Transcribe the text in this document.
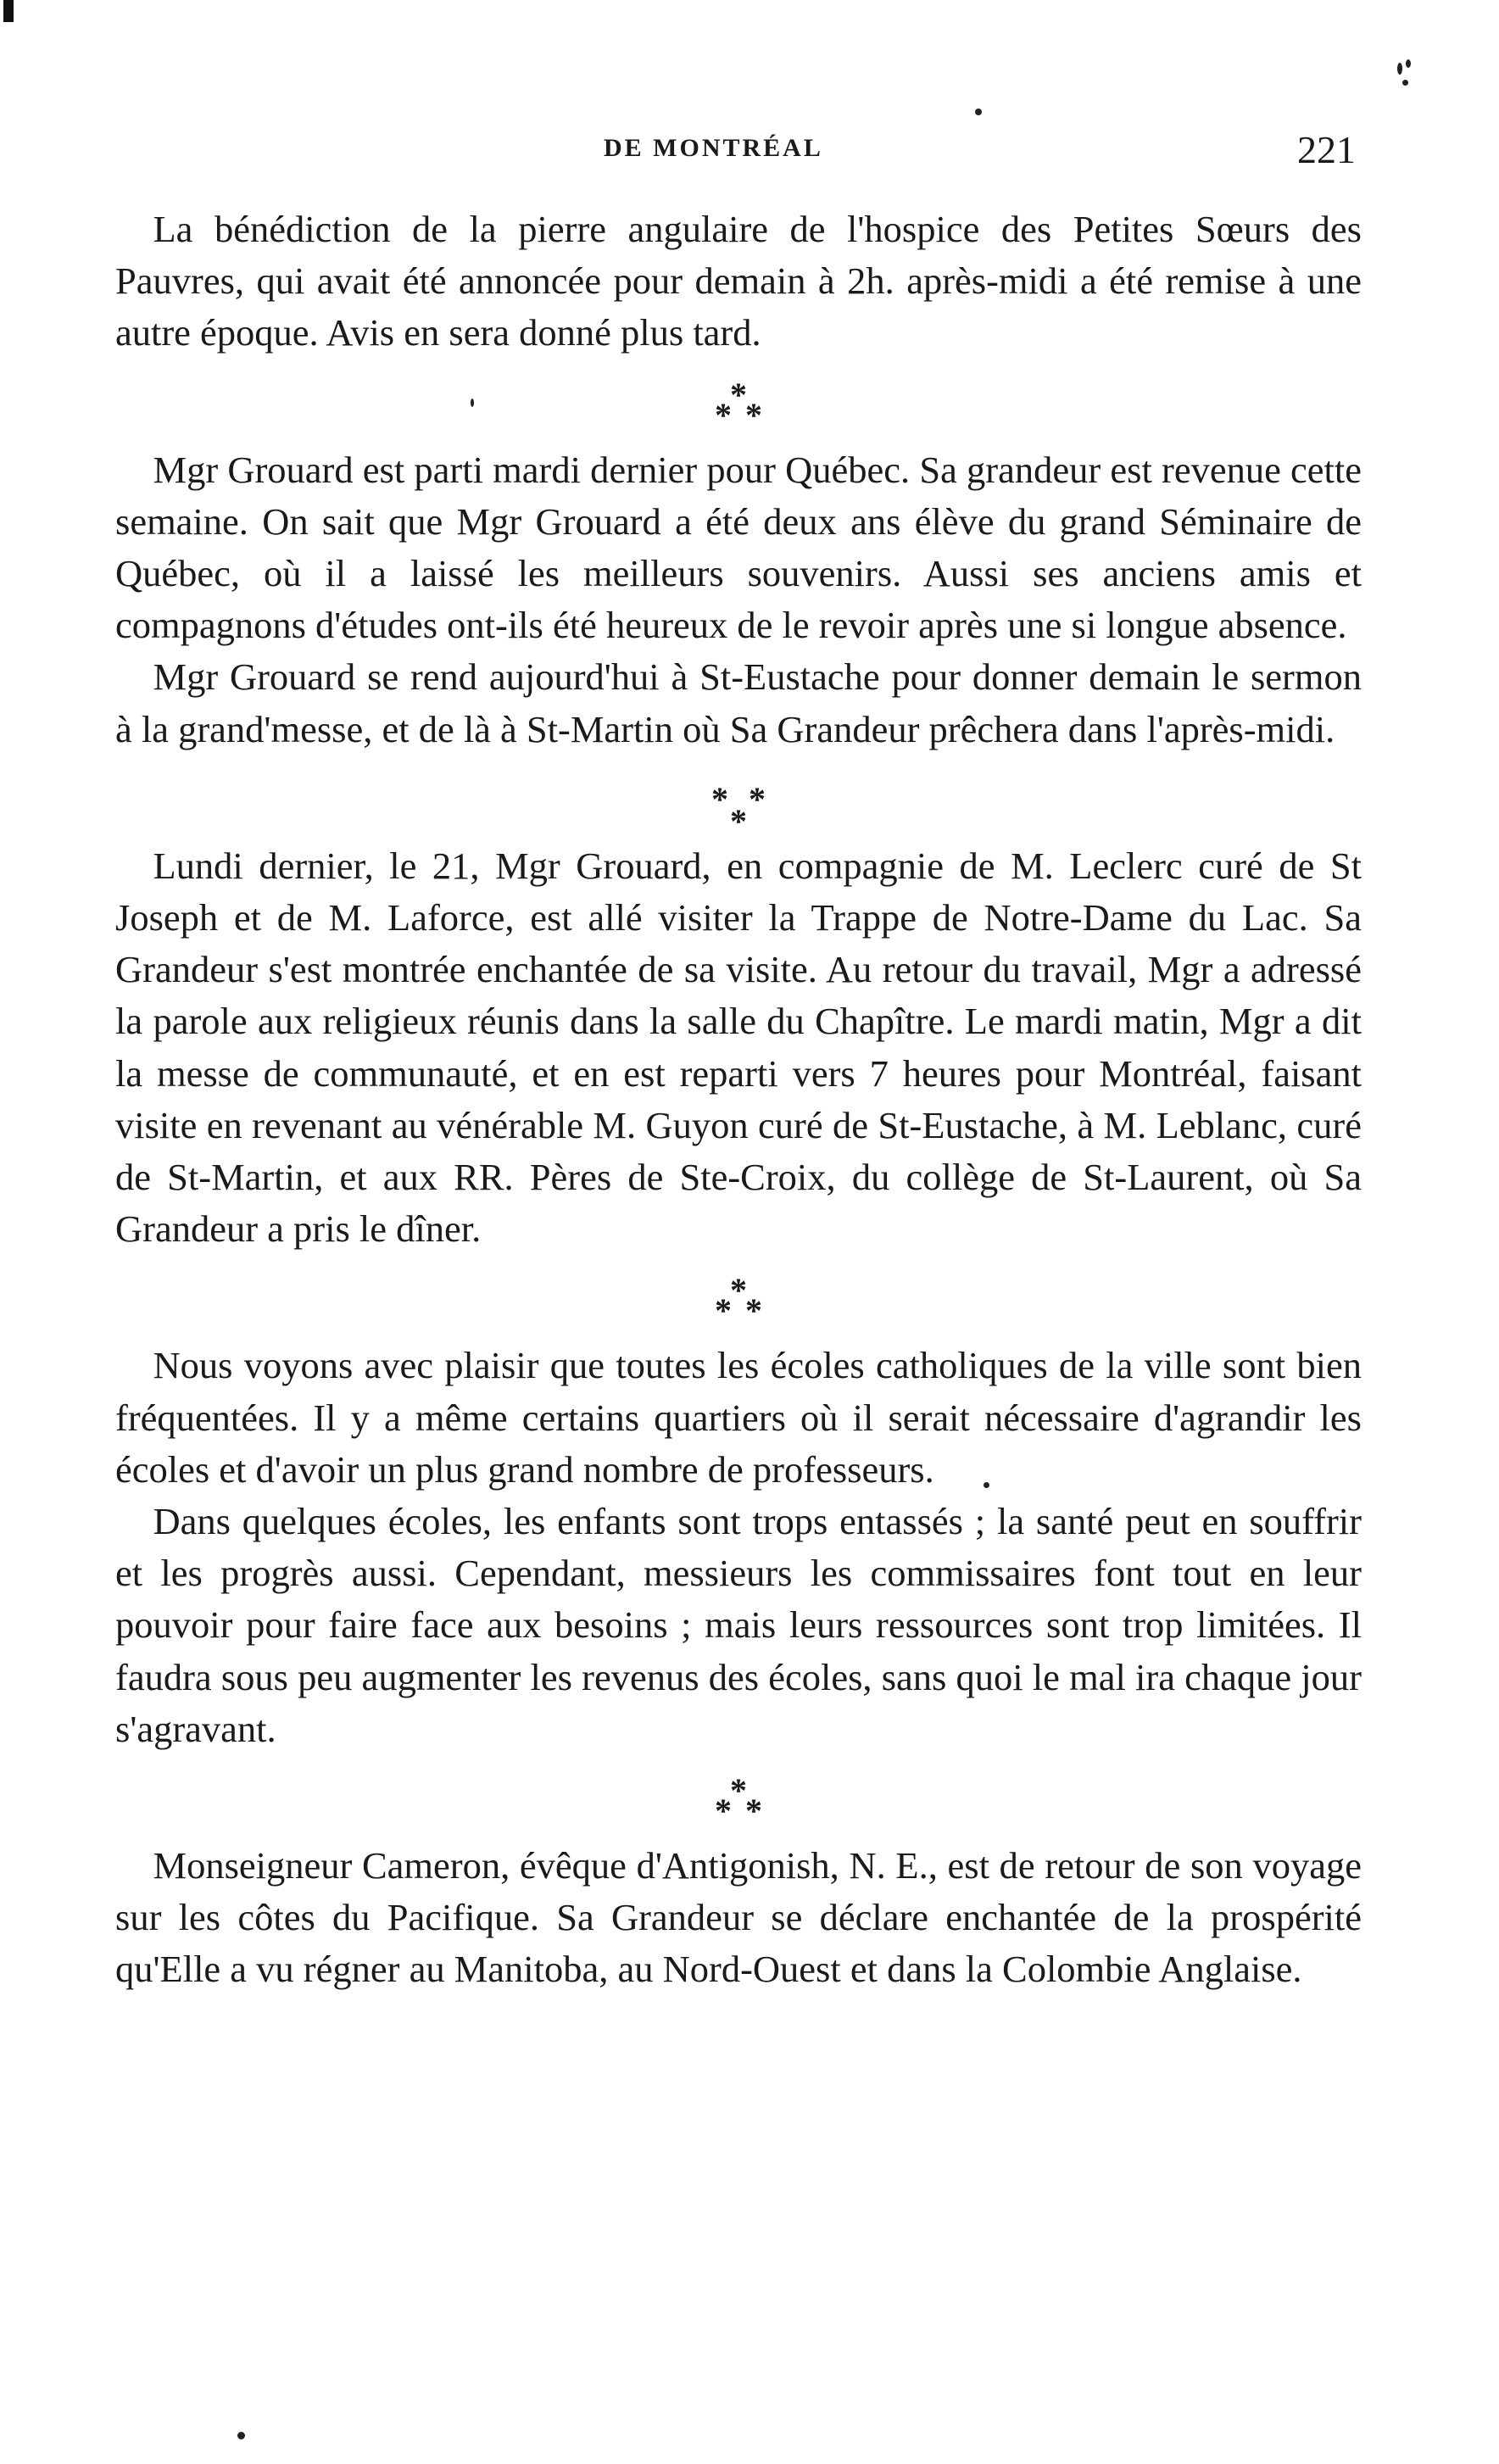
DE MONTRÉAL	221

La bénédiction de la pierre angulaire de l'hospice des Petites Sœurs des Pauvres, qui avait été annoncée pour demain à 2h. après-midi a été remise à une autre époque. Avis en sera donné plus tard.

*
* *

Mgr Grouard est parti mardi dernier pour Québec. Sa grandeur est revenue cette semaine. On sait que Mgr Grouard a été deux ans élève du grand Séminaire de Québec, où il a laissé les meilleurs souvenirs. Aussi ses anciens amis et compagnons d'études ont-ils été heureux de le revoir après une si longue absence.

Mgr Grouard se rend aujourd'hui à St-Eustache pour donner demain le sermon à la grand'messe, et de là à St-Martin où Sa Grandeur prêchera dans l'après-midi.

* *
*

Lundi dernier, le 21, Mgr Grouard, en compagnie de M. Leclerc curé de St Joseph et de M. Laforce, est allé visiter la Trappe de Notre-Dame du Lac. Sa Grandeur s'est montrée enchantée de sa visite. Au retour du travail, Mgr a adressé la parole aux religieux réunis dans la salle du Chapître. Le mardi matin, Mgr a dit la messe de communauté, et en est reparti vers 7 heures pour Montréal, faisant visite en revenant au vénérable M. Guyon curé de St-Eustache, à M. Leblanc, curé de St-Martin, et aux RR. Pères de Ste-Croix, du collège de St-Laurent, où Sa Grandeur a pris le dîner.

*
* *

Nous voyons avec plaisir que toutes les écoles catholiques de la ville sont bien fréquentées. Il y a même certains quartiers où il serait nécessaire d'agrandir les écoles et d'avoir un plus grand nombre de professeurs.

Dans quelques écoles, les enfants sont trops entassés ; la santé peut en souffrir et les progrès aussi. Cependant, messieurs les commissaires font tout en leur pouvoir pour faire face aux besoins ; mais leurs ressources sont trop limitées. Il faudra sous peu augmenter les revenus des écoles, sans quoi le mal ira chaque jour s'agravant.

*
* *

Monseigneur Cameron, évêque d'Antigonish, N. E., est de retour de son voyage sur les côtes du Pacifique. Sa Grandeur se déclare enchantée de la prospérité qu'Elle a vu régner au Manitoba, au Nord-Ouest et dans la Colombie Anglaise.
